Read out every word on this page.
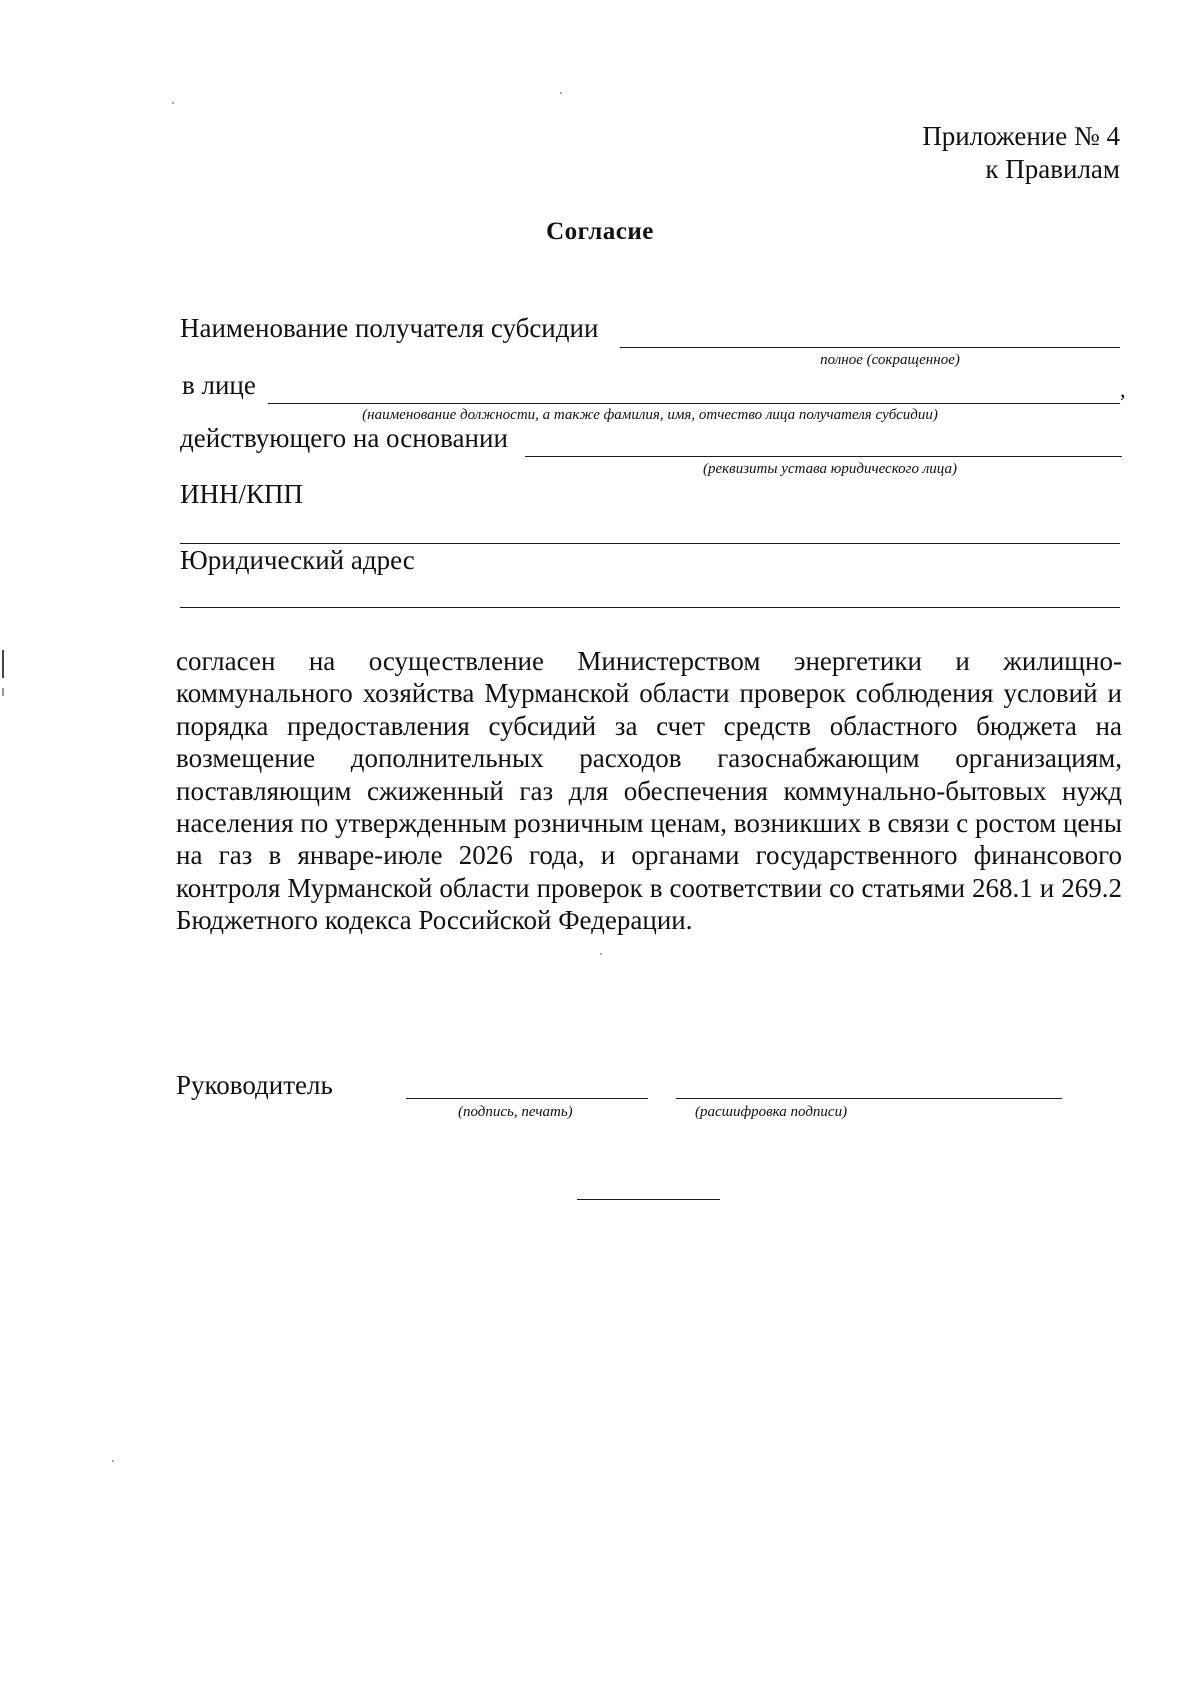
Приложение № 4
к Правилам
Согласие
Наименование получателя субсидии
полное (сокращенное)
в лице	,
(наименование должности, а также фамилия, имя, отчество лица получателя субсидии)
действующего на основании
(реквизиты устава юридического лица)
ИНН/КПП
Юридический адрес

согласен на осуществление Министерством энергетики и жилищно-коммунального хозяйства Мурманской области проверок соблюдения условий и порядка предоставления субсидий за счет средств областного бюджета на возмещение дополнительных расходов газоснабжающим организациям, поставляющим сжиженный газ для обеспечения коммунально-бытовых нужд населения по утвержденным розничным ценам, возникших в связи с ростом цены на газ в январе-июле 2026 года, и органами государственного финансового контроля Мурманской области проверок в соответствии со статьями 268.1 и 269.2 Бюджетного кодекса Российской Федерации.

Руководитель
(подпись, печать)	(расшифровка подписи)
